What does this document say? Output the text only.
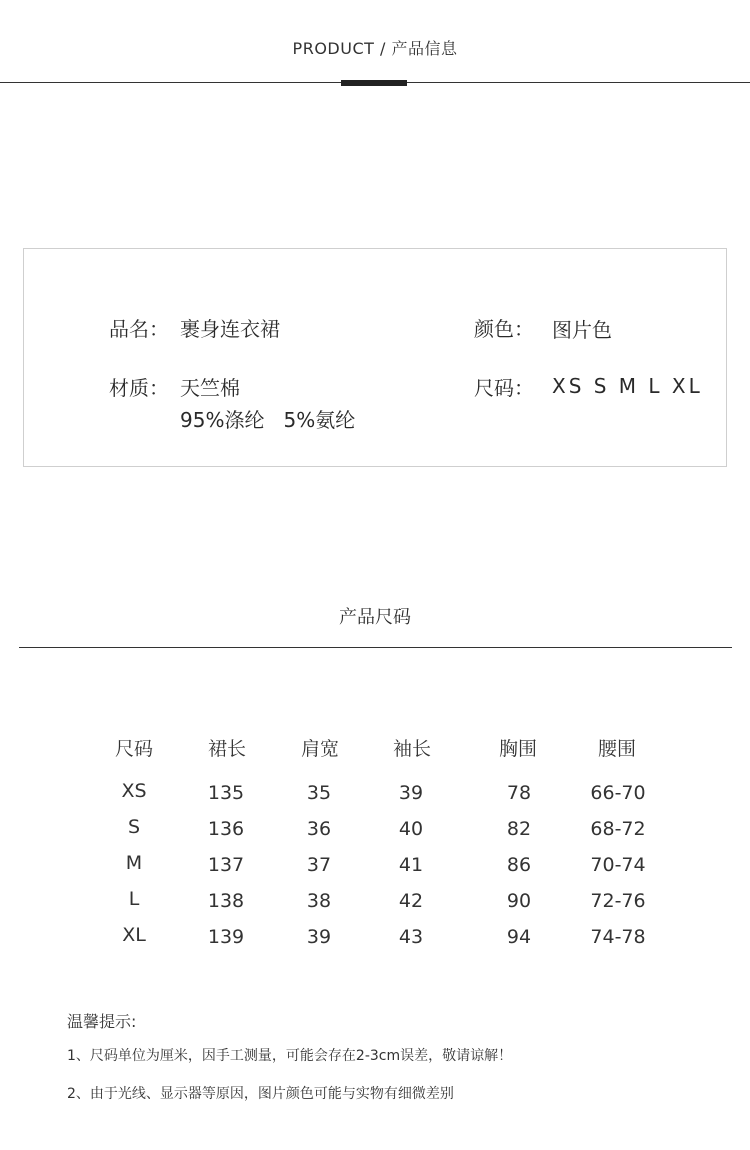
PRODUCT / 产品信息
品名： 裹身连衣裙	颜色： 图片色
材质： 天竺棉
95%涤纶   5%氨纶
尺码： XS S M L XL
产品尺码
尺码	裙长	肩宽	袖长	胸围	腰围
XS	135	35	39	78	66-70
S	136	36	40	82	68-72
M	137	37	41	86	70-74
L	138	38	42	90	72-76
XL	139	39	43	94	74-78
温馨提示:
1、尺码单位为厘米，因手工测量，可能会存在2-3cm误差，敬请谅解！
2、由于光线、显示器等原因，图片颜色可能与实物有细微差别
